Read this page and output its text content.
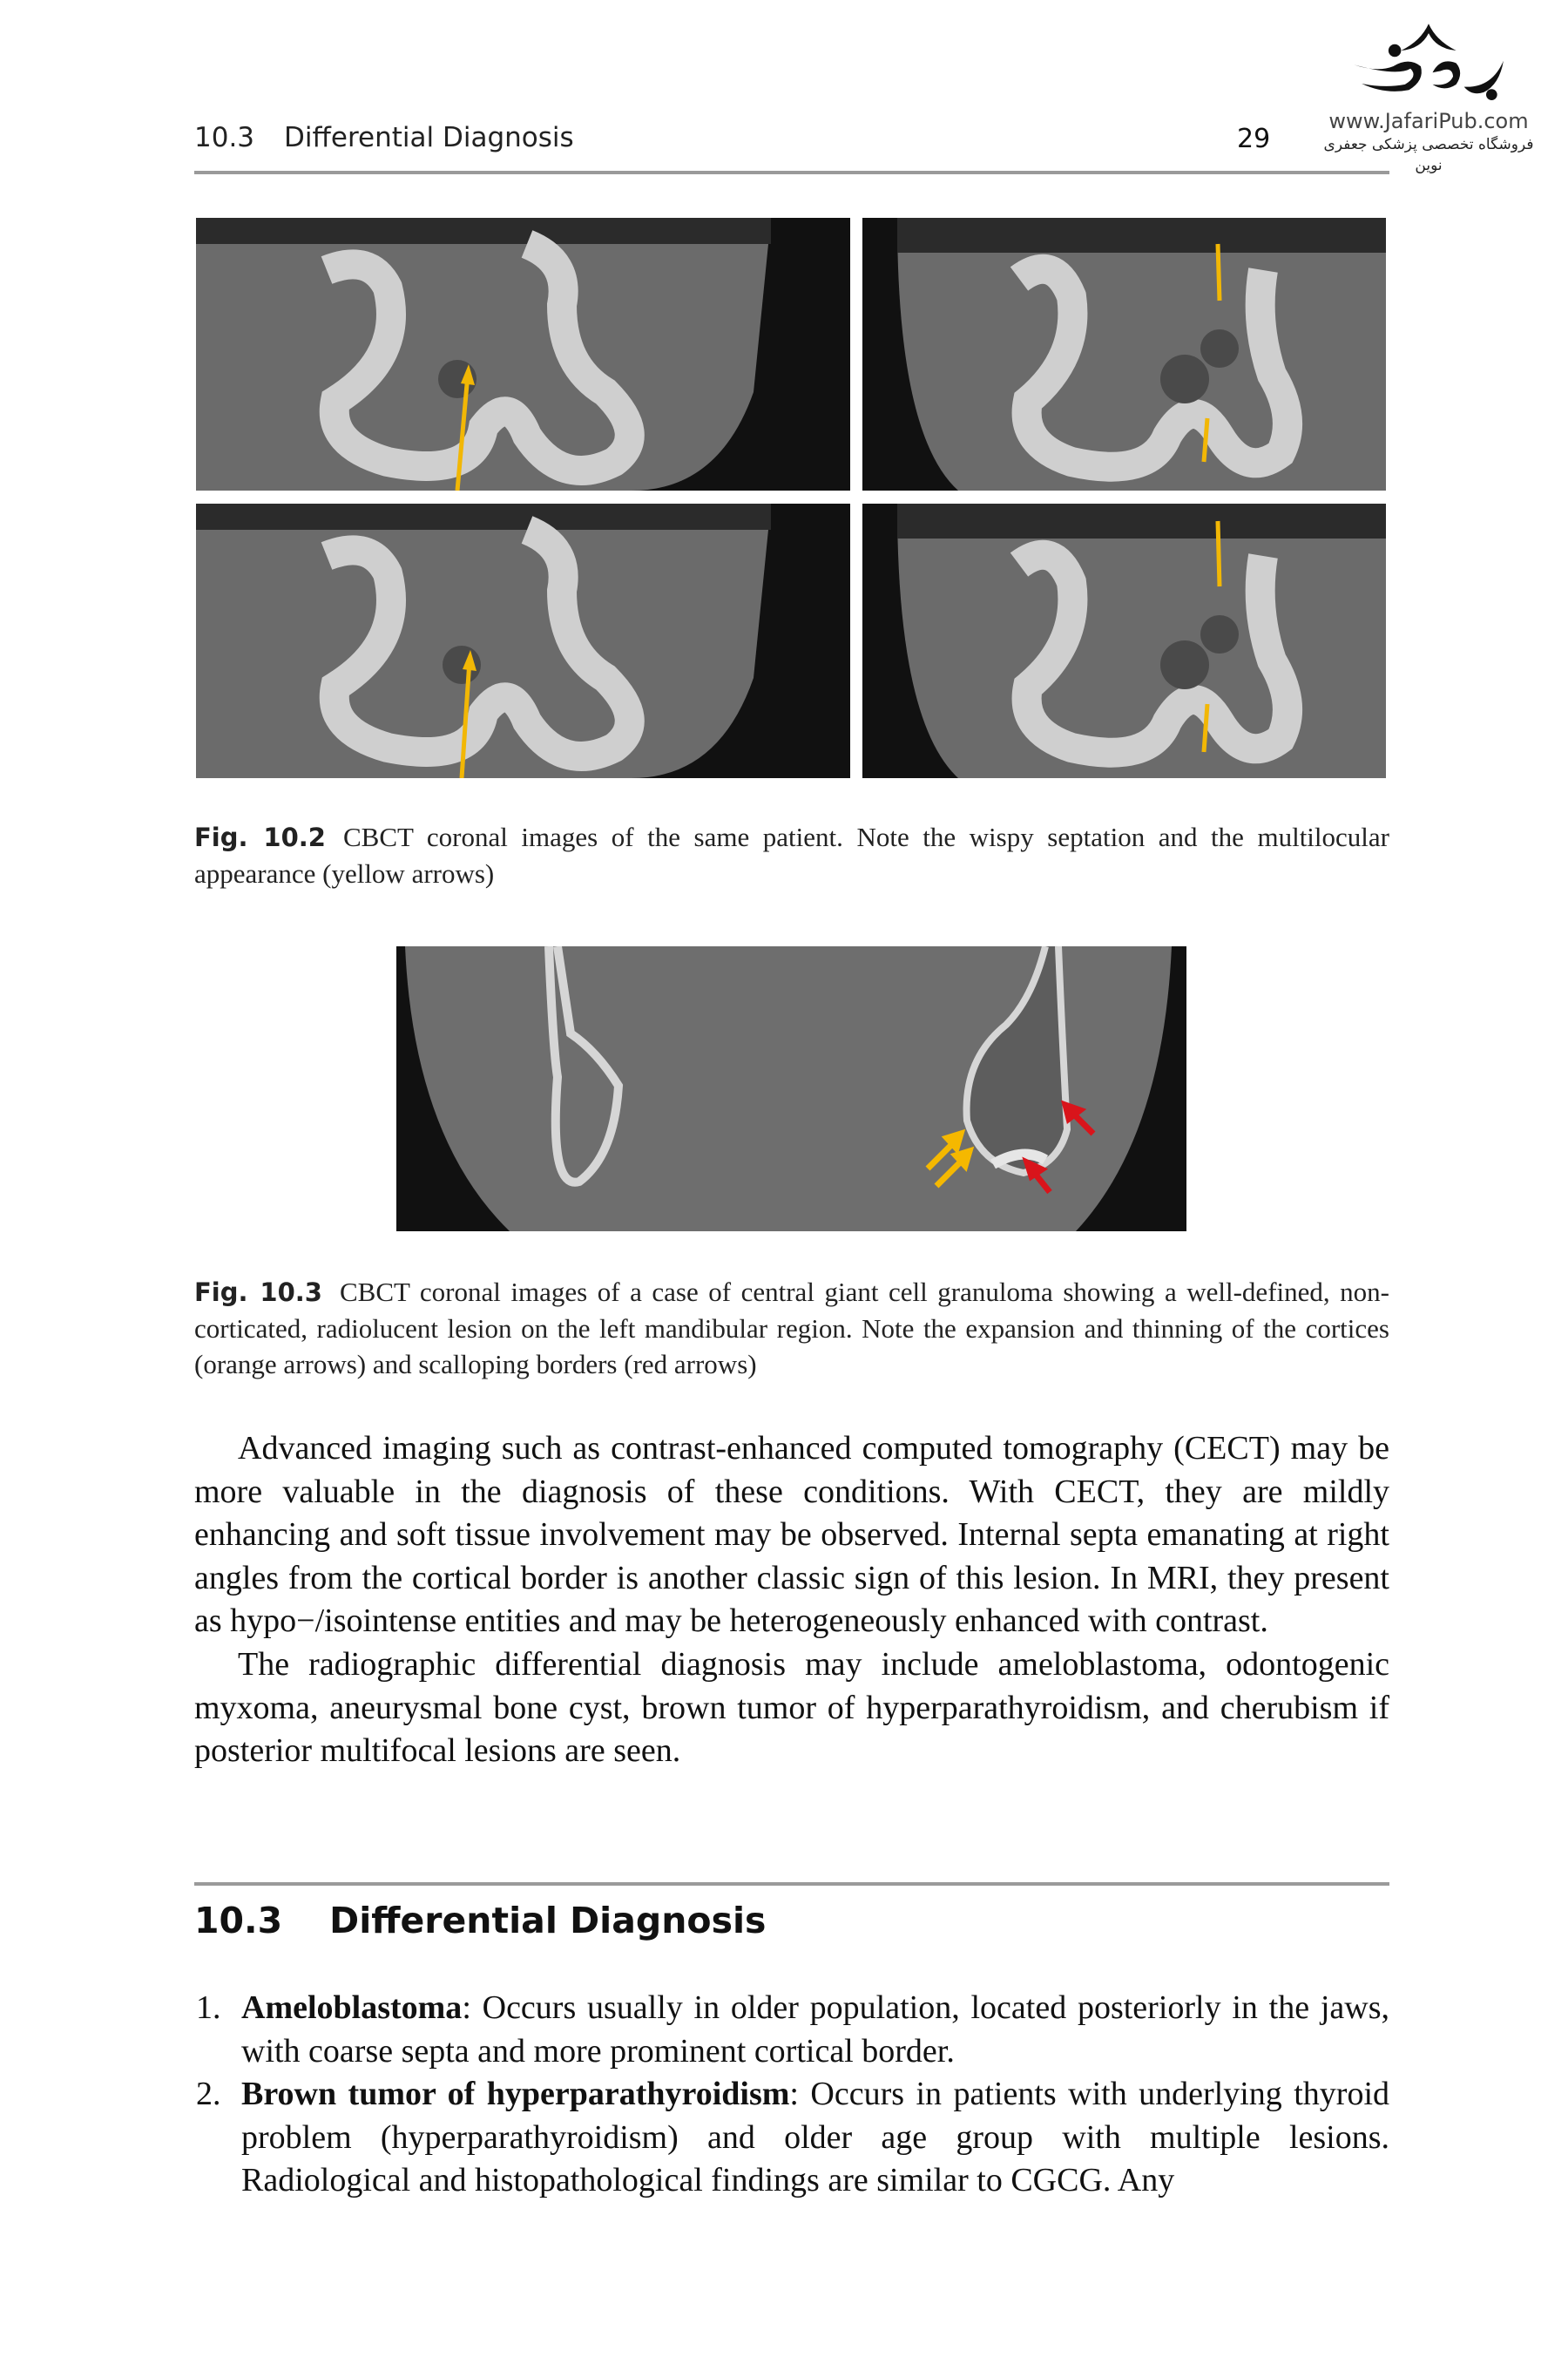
10.3 Differential Diagnosis
www.JafariPub.com
فروشگاه تخصصی پزشکی جعفری نوین
29
Fig. 10.2 CBCT coronal images of the same patient. Note the wispy septation and the multilocular appearance (yellow arrows)
Fig. 10.3 CBCT coronal images of a case of central giant cell granuloma showing a well-defined, non-corticated, radiolucent lesion on the left mandibular region. Note the expansion and thinning of the cortices (orange arrows) and scalloping borders (red arrows)

Advanced imaging such as contrast-enhanced computed tomography (CECT) may be more valuable in the diagnosis of these conditions. With CECT, they are mildly enhancing and soft tissue involvement may be observed. Internal septa emanating at right angles from the cortical border is another classic sign of this lesion. In MRI, they present as hypo−/isointense entities and may be heterogeneously enhanced with contrast.

The radiographic differential diagnosis may include ameloblastoma, odontogenic myxoma, aneurysmal bone cyst, brown tumor of hyperparathyroidism, and cherubism if posterior multifocal lesions are seen.

10.3 Differential Diagnosis
1. Ameloblastoma: Occurs usually in older population, located posteriorly in the jaws, with coarse septa and more prominent cortical border.
2. Brown tumor of hyperparathyroidism: Occurs in patients with underlying thyroid problem (hyperparathyroidism) and older age group with multiple lesions. Radiological and histopathological findings are similar to CGCG. Any
